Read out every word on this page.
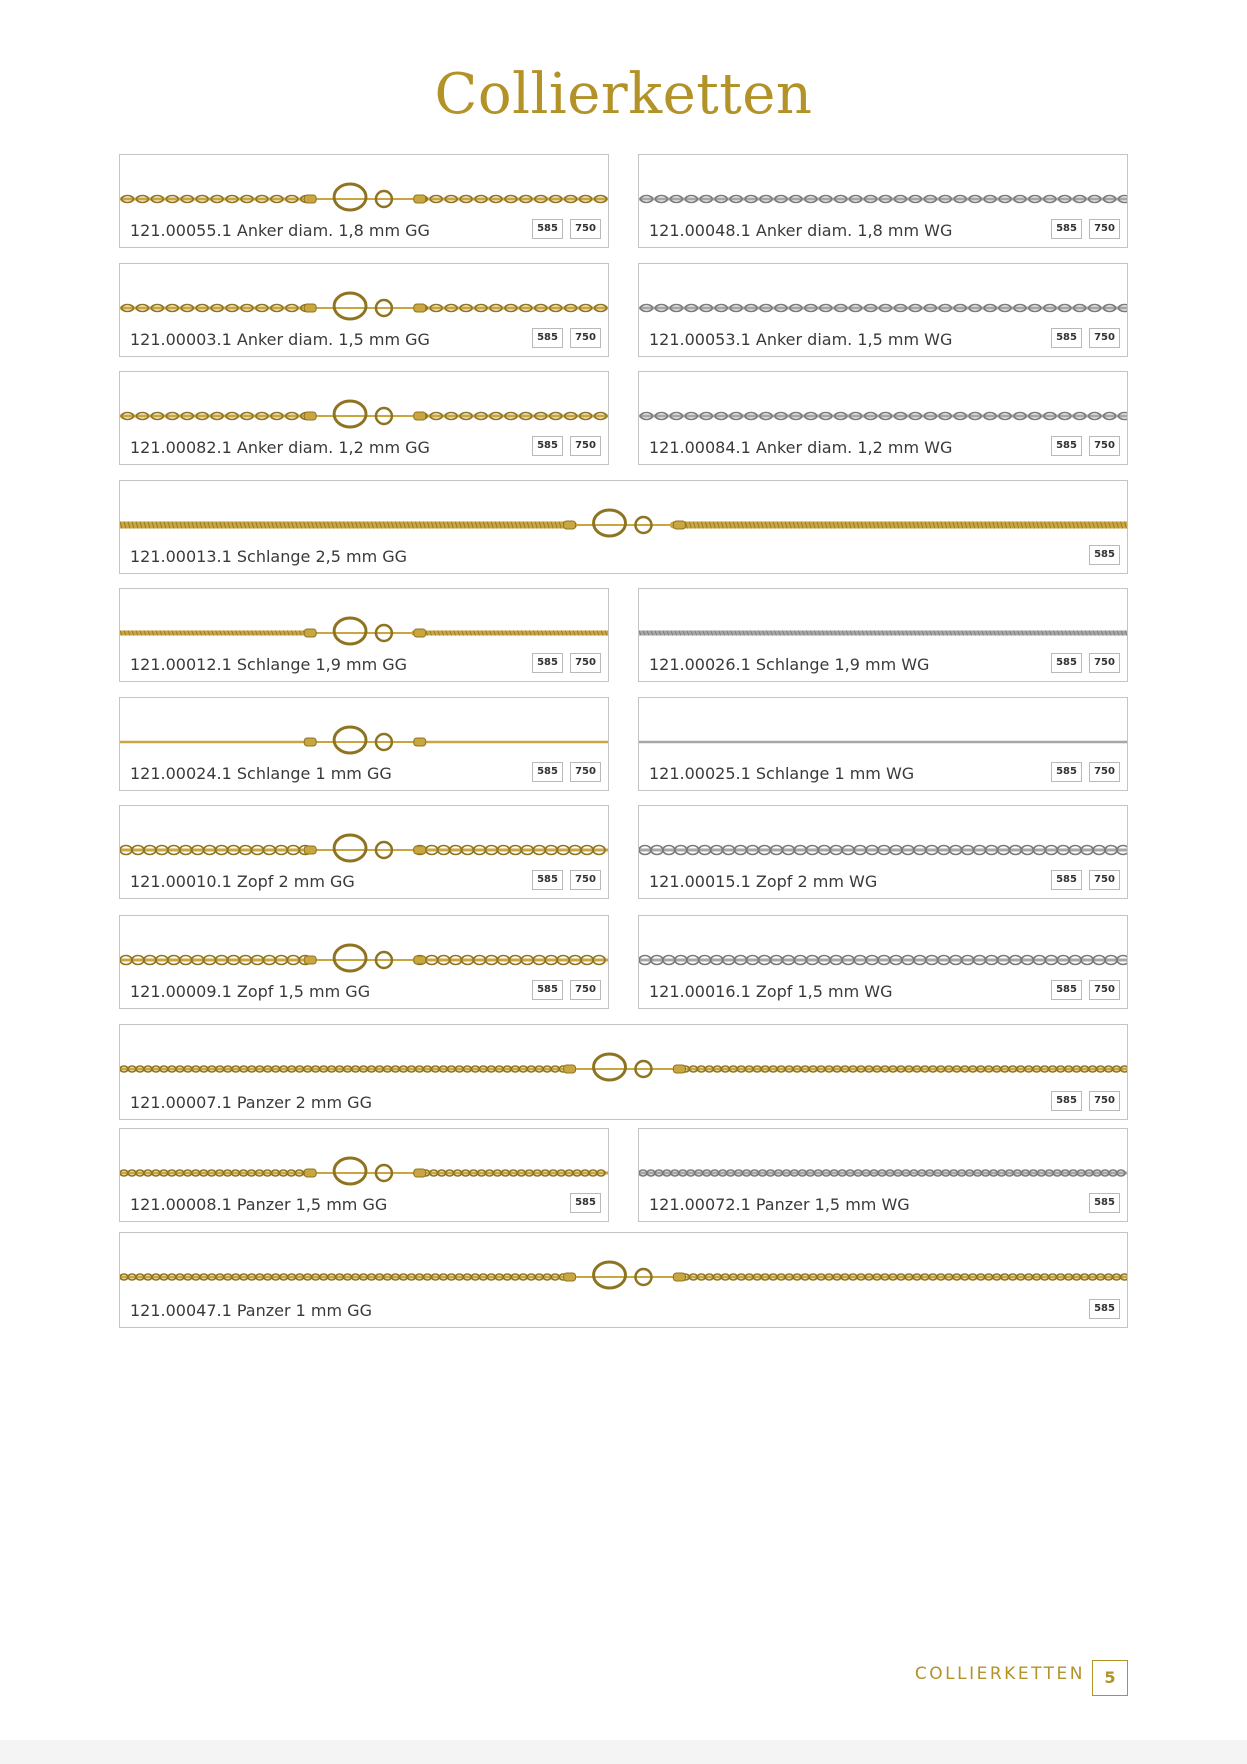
Collierketten
121.00055.1 Anker diam. 1,8 mm GG	585	750	121.00048.1 Anker diam. 1,8 mm WG	585	750
121.00003.1 Anker diam. 1,5 mm GG	585	750	121.00053.1 Anker diam. 1,5 mm WG	585	750
121.00082.1 Anker diam. 1,2 mm GG	585	750	121.00084.1 Anker diam. 1,2 mm WG	585	750
121.00013.1 Schlange 2,5 mm GG	585
121.00012.1 Schlange 1,9 mm GG	585	750	121.00026.1 Schlange 1,9 mm WG	585	750
121.00024.1 Schlange 1 mm GG	585	750	121.00025.1 Schlange 1 mm WG	585	750
121.00010.1 Zopf 2 mm GG	585	750	121.00015.1 Zopf 2 mm WG	585	750
121.00009.1 Zopf 1,5 mm GG	585	750	121.00016.1 Zopf 1,5 mm WG	585	750
121.00007.1 Panzer 2 mm GG	585	750
121.00008.1 Panzer 1,5 mm GG	585	121.00072.1 Panzer 1,5 mm WG	585
121.00047.1 Panzer 1 mm GG	585
COLLIERKETTEN	5
